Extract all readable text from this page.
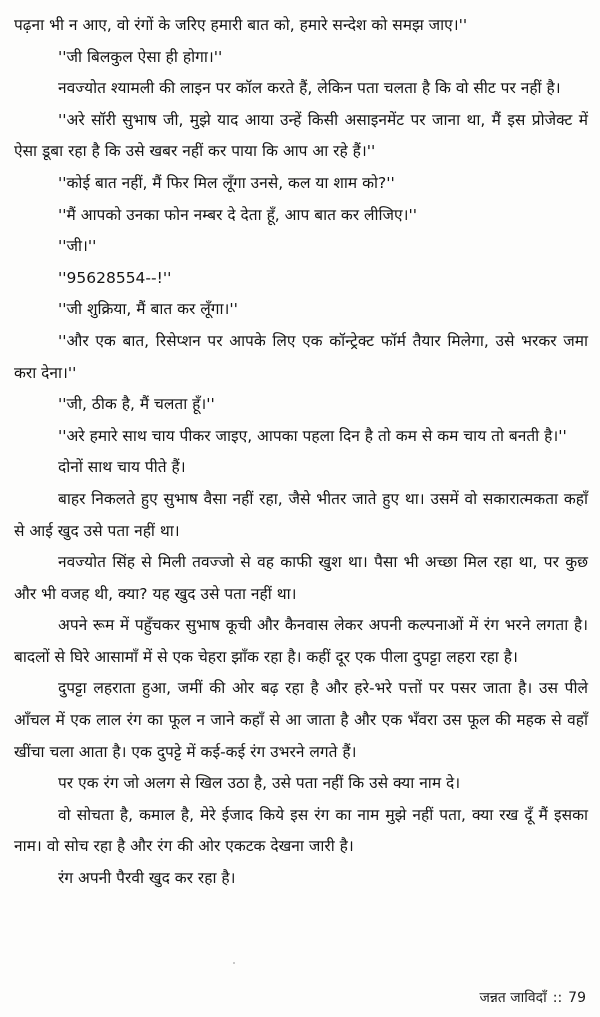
पढ़ना भी न आए, वो रंगों के जरिए हमारी बात को, हमारे सन्देश को समझ जाए।''

''जी बिलकुल ऐसा ही होगा।''

नवज्योत श्यामली की लाइन पर कॉल करते हैं, लेकिन पता चलता है कि वो सीट पर नहीं है।

''अरे सॉरी सुभाष जी, मुझे याद आया उन्हें किसी असाइनमेंट पर जाना था, मैं इस प्रोजेक्ट में ऐसा डूबा रहा है कि उसे खबर नहीं कर पाया कि आप आ रहे हैं।''

''कोई बात नहीं, मैं फिर मिल लूँगा उनसे, कल या शाम को?''

''मैं आपको उनका फोन नम्बर दे देता हूँ, आप बात कर लीजिए।''

''जी।''

''95628554--!''

''जी शुक्रिया, मैं बात कर लूँगा।''

''और एक बात, रिसेप्शन पर आपके लिए एक कॉन्ट्रेक्ट फॉर्म तैयार मिलेगा, उसे भरकर जमा करा देना।''

''जी, ठीक है, मैं चलता हूँ।''

''अरे हमारे साथ चाय पीकर जाइए, आपका पहला दिन है तो कम से कम चाय तो बनती है।''

दोनों साथ चाय पीते हैं।

बाहर निकलते हुए सुभाष वैसा नहीं रहा, जैसे भीतर जाते हुए था। उसमें वो सकारात्मकता कहाँ से आई खुद उसे पता नहीं था।

नवज्योत सिंह से मिली तवज्जो से वह काफी खुश था। पैसा भी अच्छा मिल रहा था, पर कुछ और भी वजह थी, क्या? यह खुद उसे पता नहीं था।

अपने रूम में पहुँचकर सुभाष कूची और कैनवास लेकर अपनी कल्पनाओं में रंग भरने लगता है। बादलों से घिरे आसामाँ में से एक चेहरा झाँक रहा है। कहीं दूर एक पीला दुपट्टा लहरा रहा है।

दुपट्टा लहराता हुआ, जमीं की ओर बढ़ रहा है और हरे-भरे पत्तों पर पसर जाता है। उस पीले आँचल में एक लाल रंग का फूल न जाने कहाँ से आ जाता है और एक भँवरा उस फूल की महक से वहाँ खींचा चला आता है। एक दुपट्टे में कई-कई रंग उभरने लगते हैं।

पर एक रंग जो अलग से खिल उठा है, उसे पता नहीं कि उसे क्या नाम दे।

वो सोचता है, कमाल है, मेरे ईजाद किये इस रंग का नाम मुझे नहीं पता, क्या रख दूँ मैं इसका नाम। वो सोच रहा है और रंग की ओर एकटक देखना जारी है।

रंग अपनी पैरवी खुद कर रहा है।

जन्नत जाविदाँ :: 79
